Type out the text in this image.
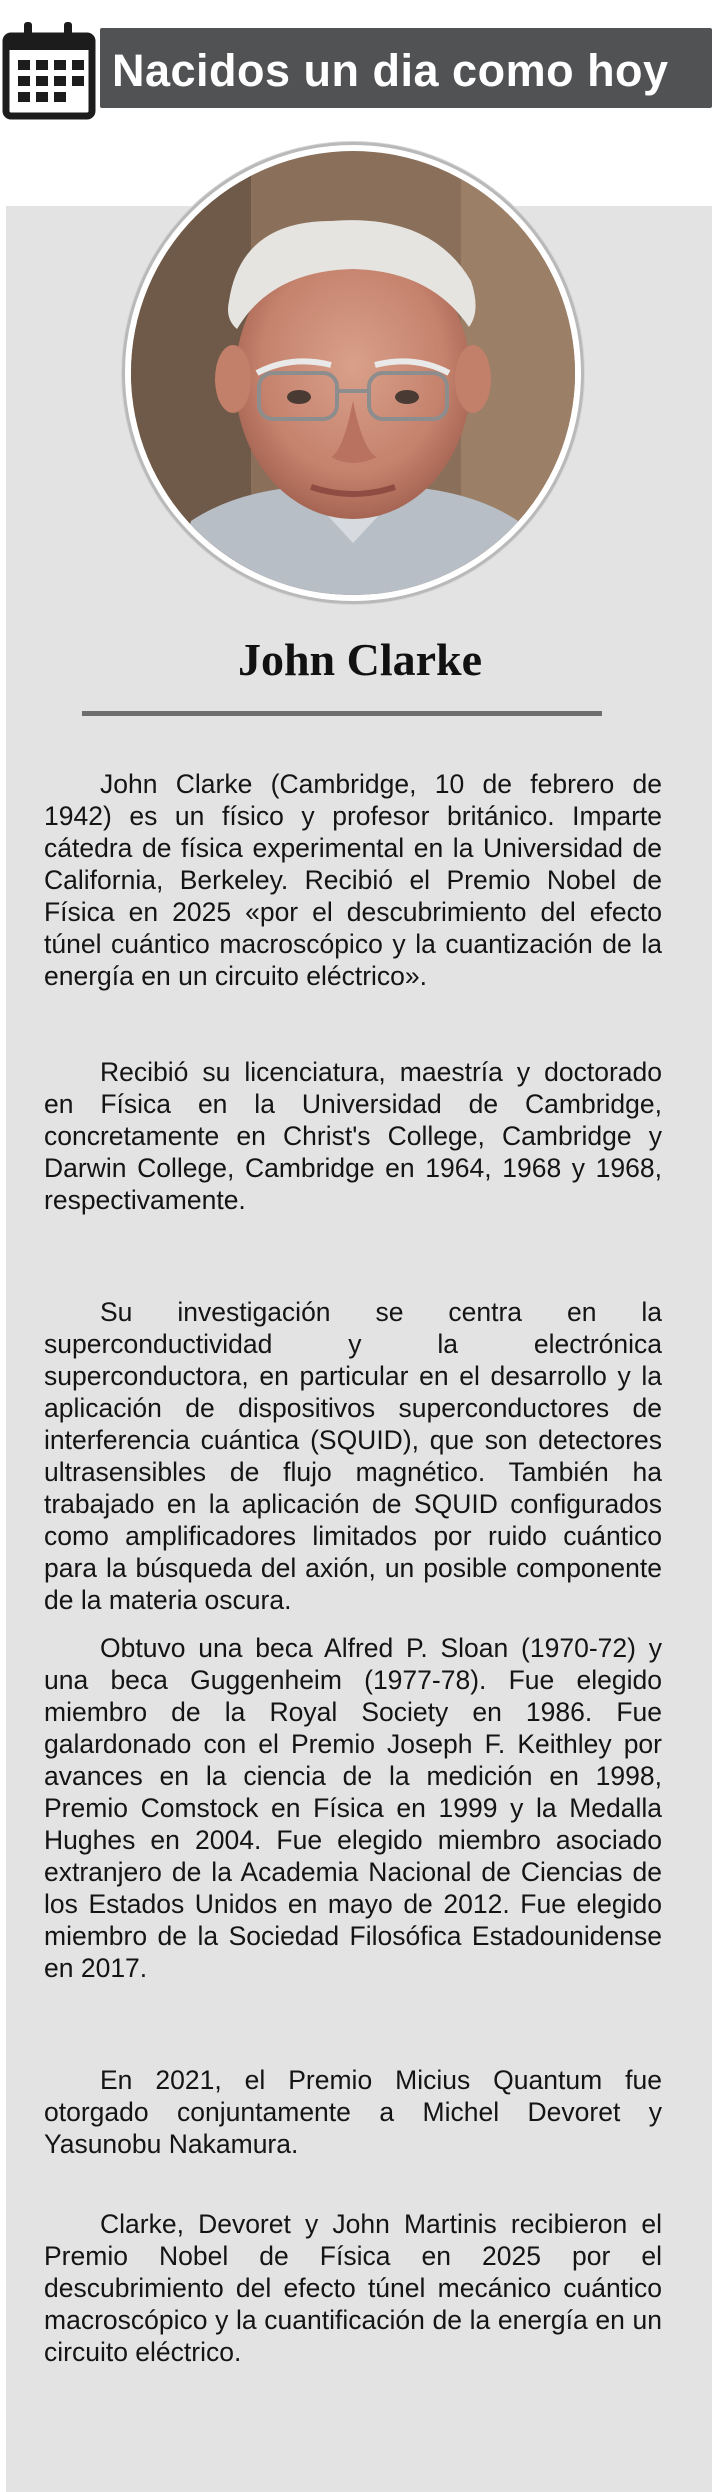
Nacidos un dia como hoy
John Clarke

John Clarke (Cambridge, 10 de febrero de 1942) es un físico y profesor británico. Imparte cátedra de física experimental en la Universidad de California, Berkeley. Recibió el Premio Nobel de Física en 2025 «por el descubrimiento del efecto túnel cuántico macroscópico y la cuantización de la energía en un circuito eléctrico».

Recibió su licenciatura, maestría y doctorado en Física en la Universidad de Cambridge, concretamente en Christ's College, Cambridge y Darwin College, Cambridge en 1964, 1968 y 1968, respectivamente.

Su investigación se centra en la superconductividad y la electrónica superconductora, en particular en el desarrollo y la aplicación de dispositivos superconductores de interferencia cuántica (SQUID), que son detectores ultrasensibles de flujo magnético. También ha trabajado en la aplicación de SQUID configurados como amplificadores limitados por ruido cuántico para la búsqueda del axión, un posible componente de la materia oscura.

Obtuvo una beca Alfred P. Sloan (1970-72) y una beca Guggenheim (1977-78). Fue elegido miembro de la Royal Society en 1986. Fue galardonado con el Premio Joseph F. Keithley por avances en la ciencia de la medición en 1998, Premio Comstock en Física en 1999 y la Medalla Hughes en 2004. Fue elegido miembro asociado extranjero de la Academia Nacional de Ciencias de los Estados Unidos en mayo de 2012. Fue elegido miembro de la Sociedad Filosófica Estadounidense en 2017.

En 2021, el Premio Micius Quantum fue otorgado conjuntamente a Michel Devoret y Yasunobu Nakamura.

Clarke, Devoret y John Martinis recibieron el Premio Nobel de Física en 2025 por el descubrimiento del efecto túnel mecánico cuántico macroscópico y la cuantificación de la energía en un circuito eléctrico.
